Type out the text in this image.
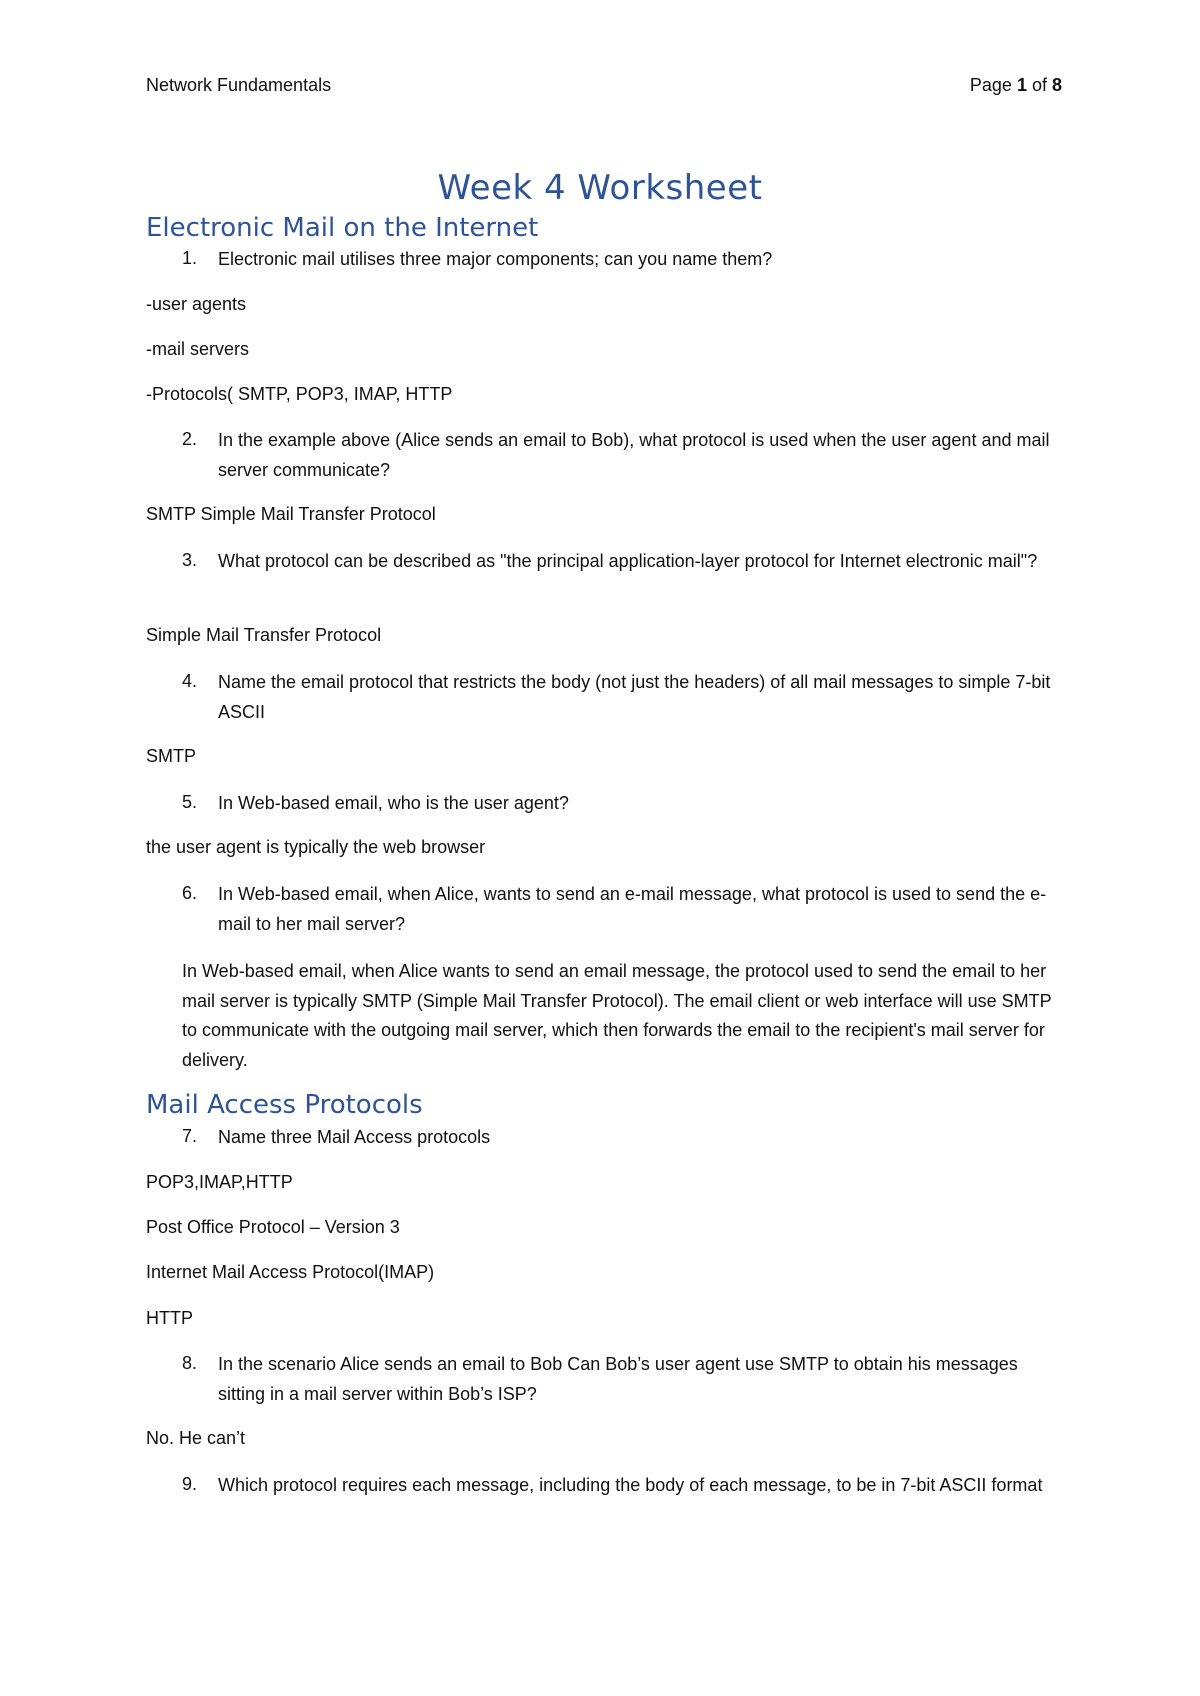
Network Fundamentals	Page 1 of 8
Week 4 Worksheet
Electronic Mail on the Internet
1.	Electronic mail utilises three major components; can you name them?
-user agents
-mail servers
-Protocols( SMTP, POP3, IMAP, HTTP
2.	In the example above (Alice sends an email to Bob), what protocol is used when the user agent and mail server communicate?
SMTP Simple Mail Transfer Protocol
3.	What protocol can be described as "the principal application-layer protocol for Internet electronic mail"?
Simple Mail Transfer Protocol
4.	Name the email protocol that restricts the body (not just the headers) of all mail messages to simple 7-bit ASCII
SMTP
5.	In Web-based email, who is the user agent?
the user agent is typically the web browser
6.	In Web-based email, when Alice, wants to send an e-mail message, what protocol is used to send the e-mail to her mail server?
In Web-based email, when Alice wants to send an email message, the protocol used to send the email to her mail server is typically SMTP (Simple Mail Transfer Protocol). The email client or web interface will use SMTP to communicate with the outgoing mail server, which then forwards the email to the recipient's mail server for delivery.
Mail Access Protocols
7.	Name three Mail Access protocols
POP3,IMAP,HTTP
Post Office Protocol – Version 3
Internet Mail Access Protocol(IMAP)
HTTP
8.	In the scenario Alice sends an email to Bob Can Bob’s user agent use SMTP to obtain his messages sitting in a mail server within Bob’s ISP?
No. He can’t
9.	Which protocol requires each message, including the body of each message, to be in 7-bit ASCII format
